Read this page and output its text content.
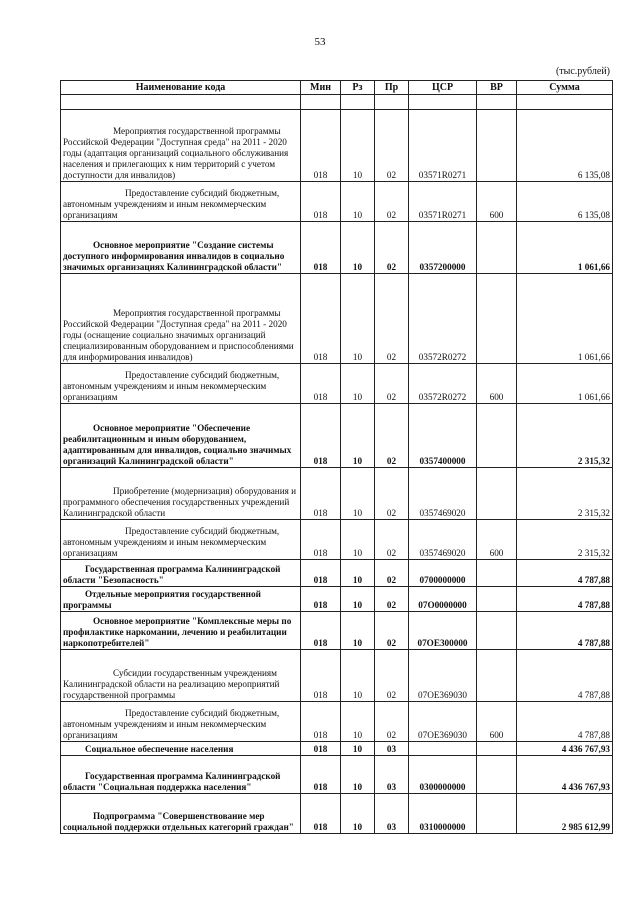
53
(тыс.рублей)
Наименование кода	Мин	Рз	Пр	ЦСР	ВР	Сумма

Мероприятия государственной программы Российской Федерации "Доступная среда" на 2011 - 2020 годы (адаптация организаций социального обслуживания населения и прилегающих к ним территорий с учетом доступности для инвалидов)	018	10	02	03571R0271		6 135,08
Предоставление субсидий бюджетным, автономным учреждениям и иным некоммерческим организациям	018	10	02	03571R0271	600	6 135,08
Основное мероприятие "Создание системы доступного информирования инвалидов в социально значимых организациях Калининградской области"	018	10	02	0357200000		1 061,66
Мероприятия государственной программы Российской Федерации "Доступная среда" на 2011 - 2020 годы (оснащение социально значимых организаций специализированным оборудованием и приспособлениями для информирования инвалидов)	018	10	02	03572R0272		1 061,66
Предоставление субсидий бюджетным, автономным учреждениям и иным некоммерческим организациям	018	10	02	03572R0272	600	1 061,66
Основное мероприятие "Обеспечение реабилитационным и иным оборудованием, адаптированным для инвалидов, социально значимых организаций Калининградской области"	018	10	02	0357400000		2 315,32
Приобретение (модернизация) оборудования и программного обеспечения государственных учреждений Калининградской области	018	10	02	0357469020		2 315,32
Предоставление субсидий бюджетным, автономным учреждениям и иным некоммерческим организациям	018	10	02	0357469020	600	2 315,32
Государственная программа Калининградской области "Безопасность"	018	10	02	0700000000		4 787,88
Отдельные мероприятия государственной программы	018	10	02	07О0000000		4 787,88
Основное мероприятие "Комплексные меры по профилактике наркомании, лечению и реабилитации наркопотребителей"	018	10	02	07ОЕ300000		4 787,88
Субсидии государственным учреждениям Калининградской области на реализацию мероприятий государственной программы	018	10	02	07ОЕ369030		4 787,88
Предоставление субсидий бюджетным, автономным учреждениям и иным некоммерческим организациям	018	10	02	07ОЕ369030	600	4 787,88
Социальное обеспечение населения	018	10	03			4 436 767,93
Государственная программа Калининградской области "Социальная поддержка населения"	018	10	03	0300000000		4 436 767,93
Подпрограмма "Совершенствование мер социальной поддержки отдельных категорий граждан"	018	10	03	0310000000		2 985 612,99
